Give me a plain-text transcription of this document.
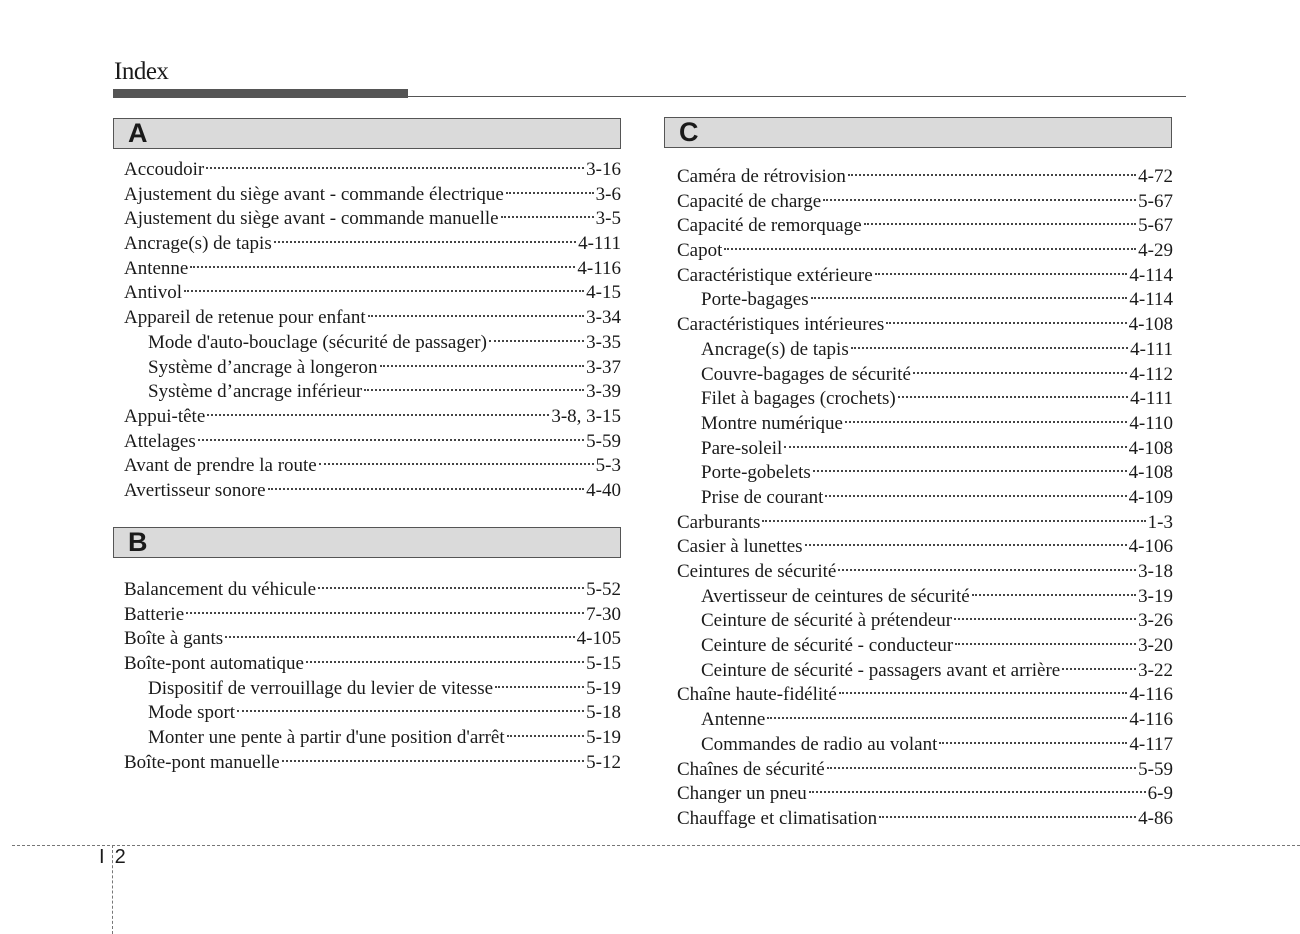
Index
A
Accoudoir	3-16
Ajustement du siège avant - commande électrique	3-6
Ajustement du siège avant - commande manuelle	3-5
Ancrage(s) de tapis	4-111
Antenne	4-116
Antivol	4-15
Appareil de retenue pour enfant	3-34
Mode d'auto-bouclage (sécurité de passager)	3-35
Système d’ancrage à longeron	3-37
Système d’ancrage inférieur	3-39
Appui-tête	3-8, 3-15
Attelages	5-59
Avant de prendre la route	5-3
Avertisseur sonore	4-40
B
Balancement du véhicule	5-52
Batterie	7-30
Boîte à gants	4-105
Boîte-pont automatique	5-15
Dispositif de verrouillage du levier de vitesse	5-19
Mode sport	5-18
Monter une pente à partir d'une position d'arrêt	5-19
Boîte-pont manuelle	5-12
C
Caméra de rétrovision	4-72
Capacité de charge	5-67
Capacité de remorquage	5-67
Capot	4-29
Caractéristique extérieure	4-114
Porte-bagages	4-114
Caractéristiques intérieures	4-108
Ancrage(s) de tapis	4-111
Couvre-bagages de sécurité	4-112
Filet à bagages (crochets)	4-111
Montre numérique	4-110
Pare-soleil	4-108
Porte-gobelets	4-108
Prise de courant	4-109
Carburants	1-3
Casier à lunettes	4-106
Ceintures de sécurité	3-18
Avertisseur de ceintures de sécurité	3-19
Ceinture de sécurité à prétendeur	3-26
Ceinture de sécurité - conducteur	3-20
Ceinture de sécurité - passagers avant et arrière	3-22
Chaîne haute-fidélité	4-116
Antenne	4-116
Commandes de radio au volant	4-117
Chaînes de sécurité	5-59
Changer un pneu	6-9
Chauffage et climatisation	4-86
I 2
